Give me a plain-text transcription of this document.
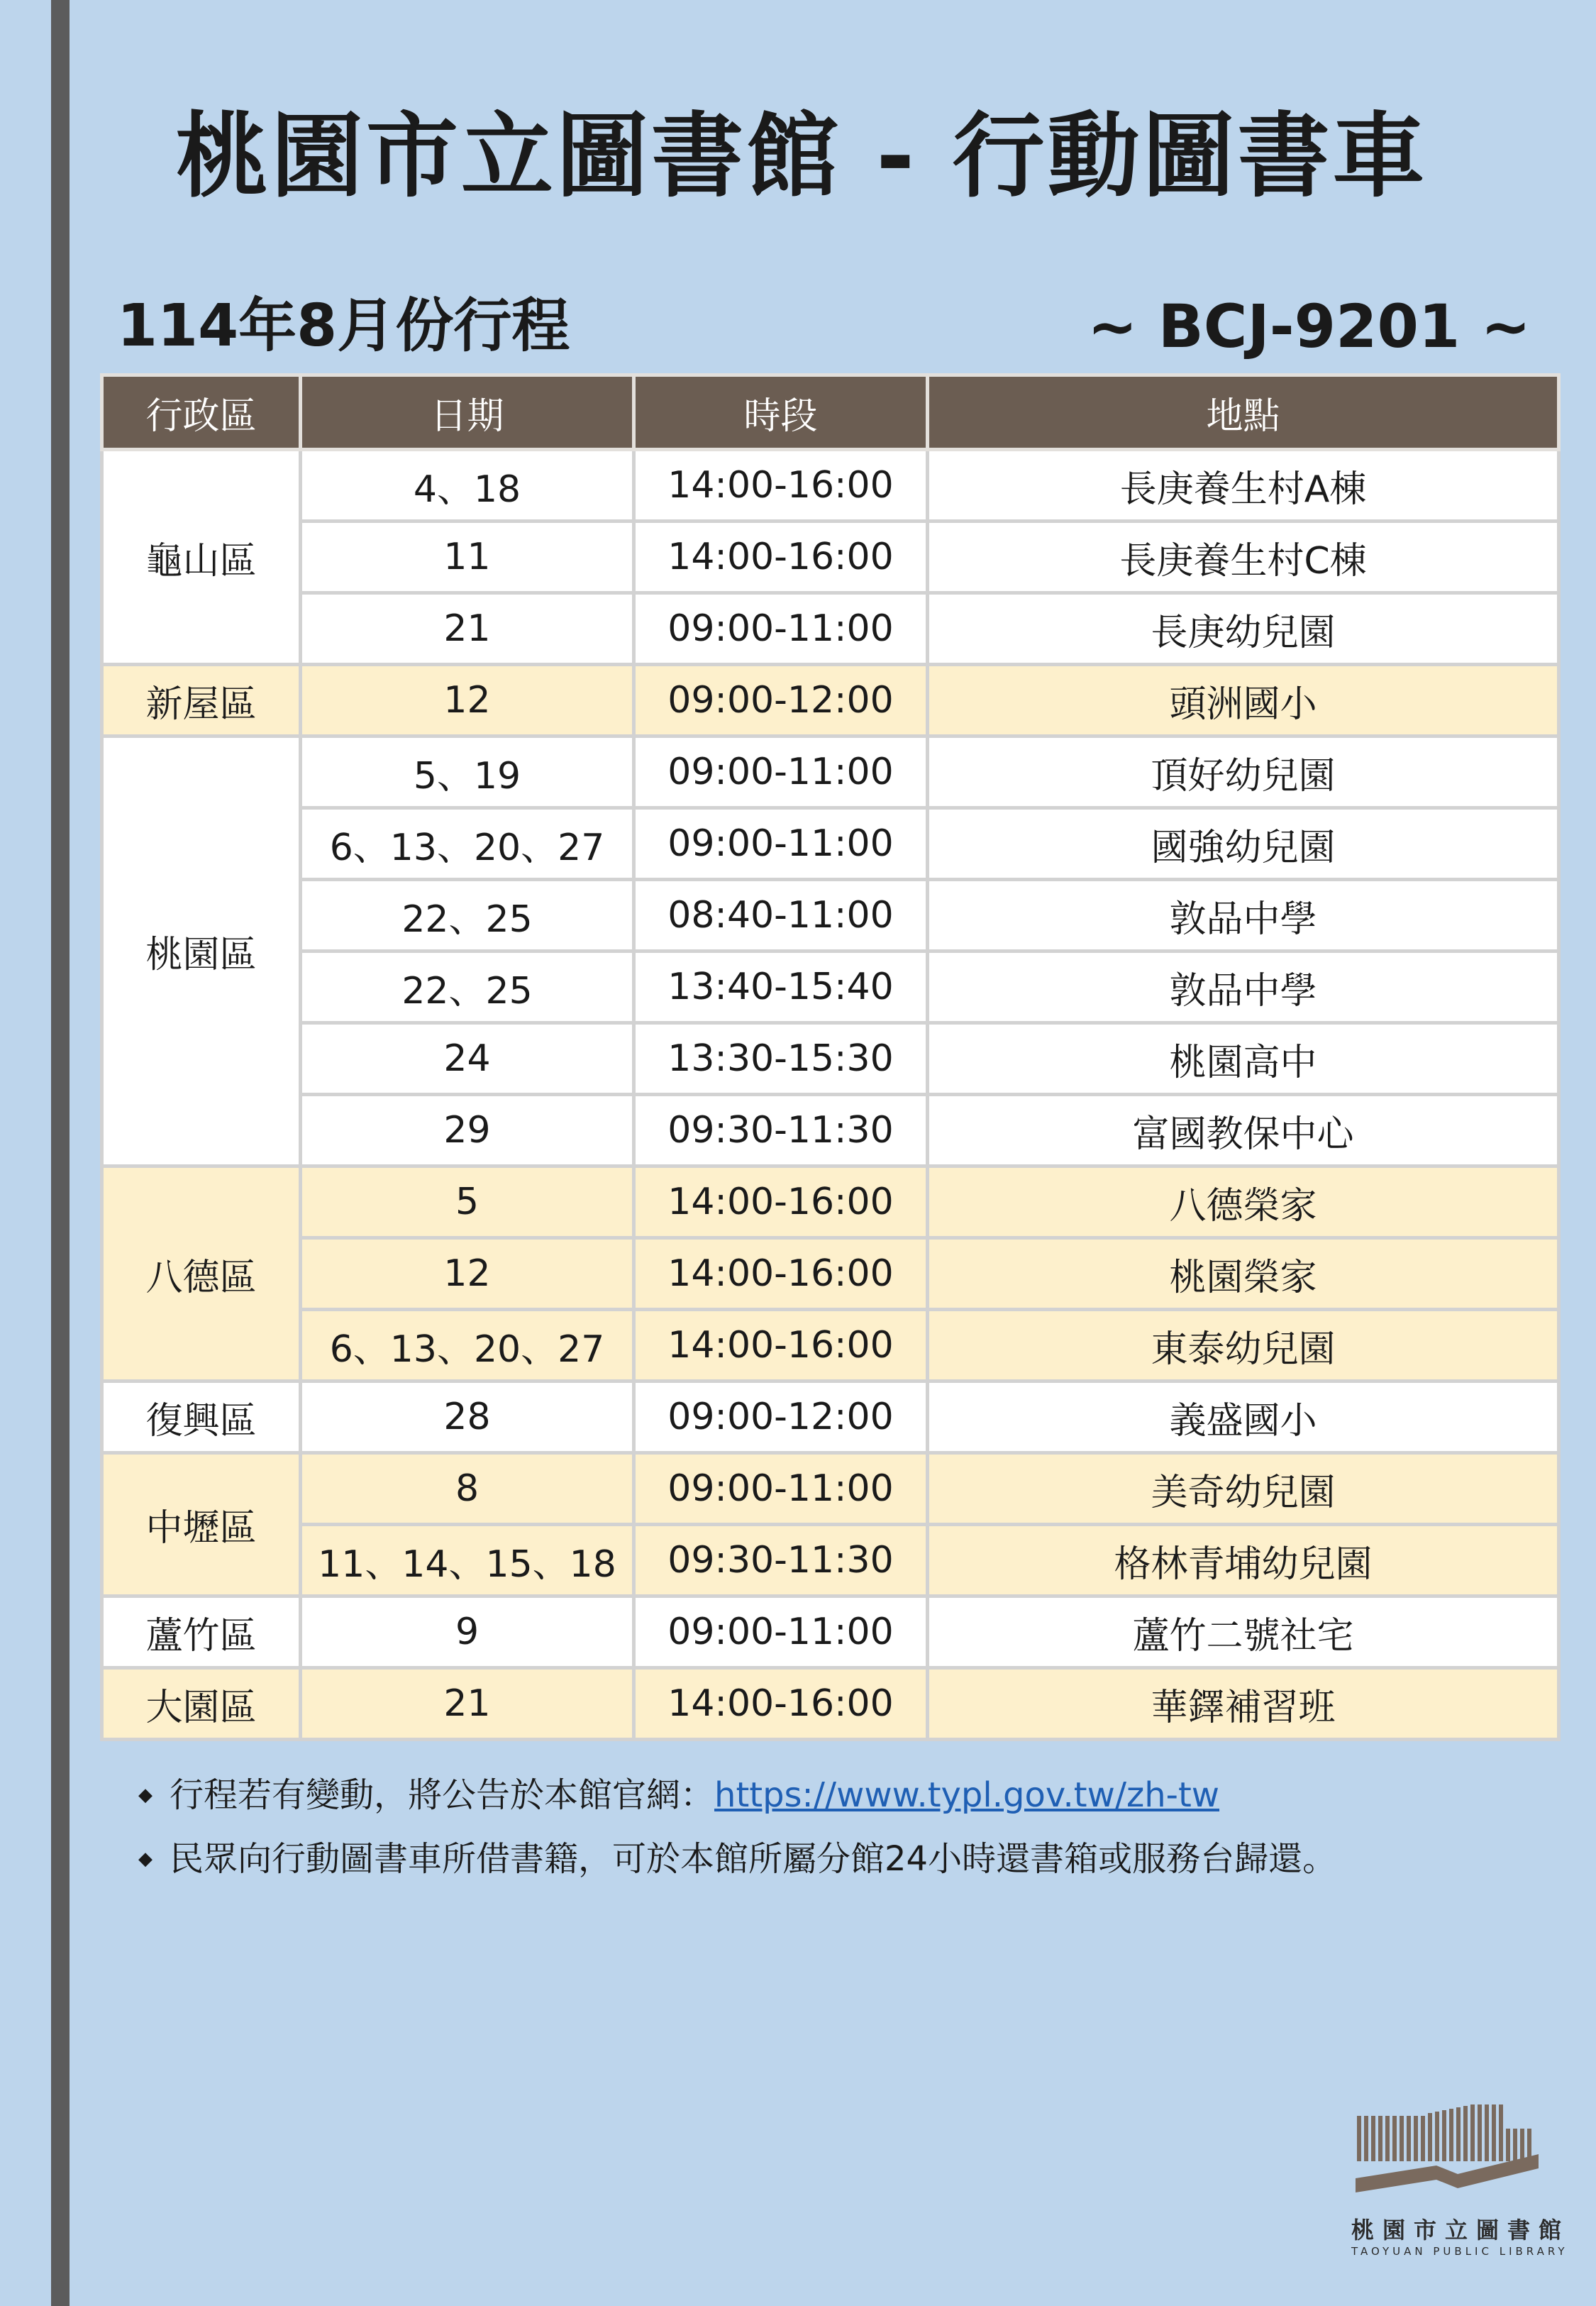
桃園市立圖書館 - 行動圖書車
114年8月份行程	~ BCJ-9201 ~
行政區	日期	時段	地點
龜山區	4、18	14:00-16:00	長庚養生村A棟
	11	14:00-16:00	長庚養生村C棟
	21	09:00-11:00	長庚幼兒園
新屋區	12	09:00-12:00	頭洲國小
桃園區	5、19	09:00-11:00	頂好幼兒園
	6、13、20、27	09:00-11:00	國強幼兒園
	22、25	08:40-11:00	敦品中學
	22、25	13:40-15:40	敦品中學
	24	13:30-15:30	桃園高中
	29	09:30-11:30	富國教保中心
八德區	5	14:00-16:00	八德榮家
	12	14:00-16:00	桃園榮家
	6、13、20、27	14:00-16:00	東泰幼兒園
復興區	28	09:00-12:00	義盛國小
中壢區	8	09:00-11:00	美奇幼兒園
	11、14、15、18	09:30-11:30	格林青埔幼兒園
蘆竹區	9	09:00-11:00	蘆竹二號社宅
大園區	21	14:00-16:00	華鐸補習班
◆ 行程若有變動，將公告於本館官網： https://www.typl.gov.tw/zh-tw
◆ 民眾向行動圖書車所借書籍，可於本館所屬分館24小時還書箱或服務台歸還。
桃園市立圖書館
TAOYUAN PUBLIC LIBRARY
